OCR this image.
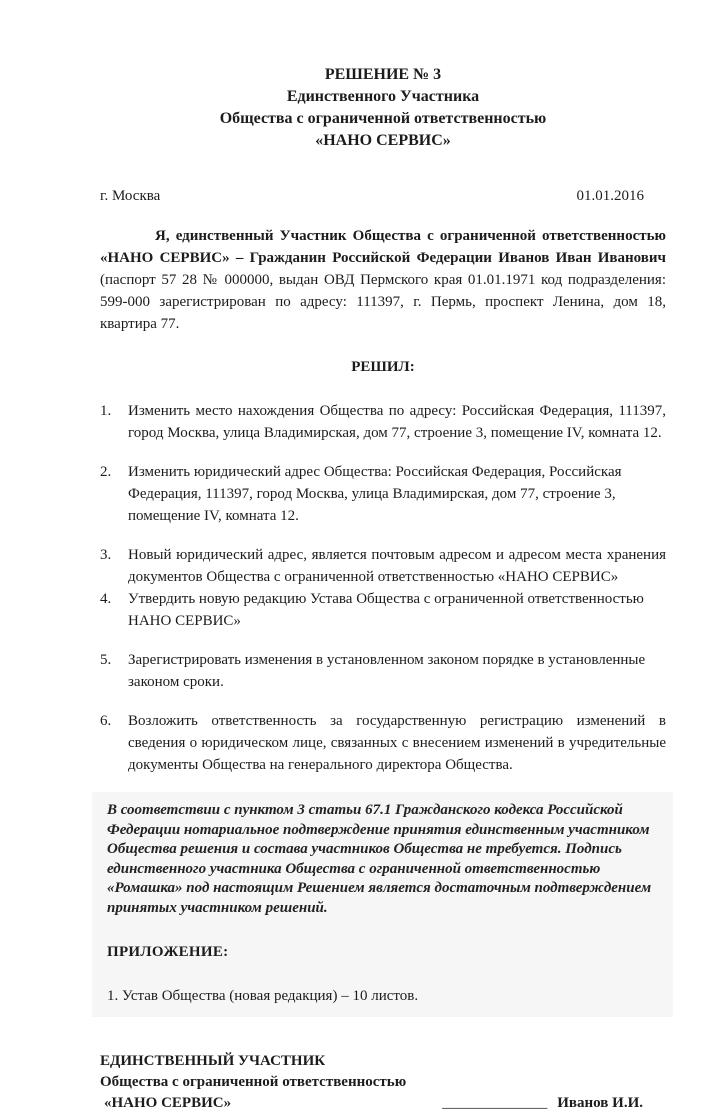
РЕШЕНИЕ № 3
Единственного Участника
Общества с ограниченной ответственностью
«НАНО СЕРВИС»
г. Москва	01.01.2016

Я, единственный Участник Общества с ограниченной ответственностью «НАНО СЕРВИС» – Гражданин Российской Федерации Иванов Иван Иванович (паспорт 57 28 № 000000, выдан ОВД Пермского края 01.01.1971 код подразделения: 599-000 зарегистрирован по адресу: 111397, г. Пермь, проспект Ленина, дом 18, квартира 77.

РЕШИЛ:
1.	Изменить место нахождения Общества по адресу: Российская Федерация, 111397, город Москва, улица Владимирская, дом 77, строение 3, помещение IV, комната 12.
2.	Изменить юридический адрес Общества: Российская Федерация, Российская Федерация, 111397, город Москва, улица Владимирская, дом 77, строение 3, помещение IV, комната 12.
3.	Новый юридический адрес, является почтовым адресом и адресом места хранения документов Общества с ограниченной ответственностью «НАНО СЕРВИС»
4.	Утвердить новую редакцию Устава Общества с ограниченной ответственностью НАНО СЕРВИС»
5.	Зарегистрировать изменения в установленном законом порядке в установленные законом сроки.
6.	Возложить ответственность за государственную регистрацию изменений в сведения о юридическом лице, связанных с внесением изменений в учредительные документы Общества на генерального директора Общества.

В соответствии с пунктом 3 статьи 67.1 Гражданского кодекса Российской Федерации нотариальное подтверждение принятия единственным участником Общества решения и состава участников Общества не требуется. Подпись единственного участника Общества с ограниченной ответственностью «Ромашка» под настоящим Решением является достаточным подтверждением принятых участником решений.

ПРИЛОЖЕНИЕ:
1. Устав Общества (новая редакция) – 10 листов.
ЕДИНСТВЕННЫЙ УЧАСТНИК
Общества с ограниченной ответственностью
«НАНО СЕРВИС»	______________ Иванов И.И.
